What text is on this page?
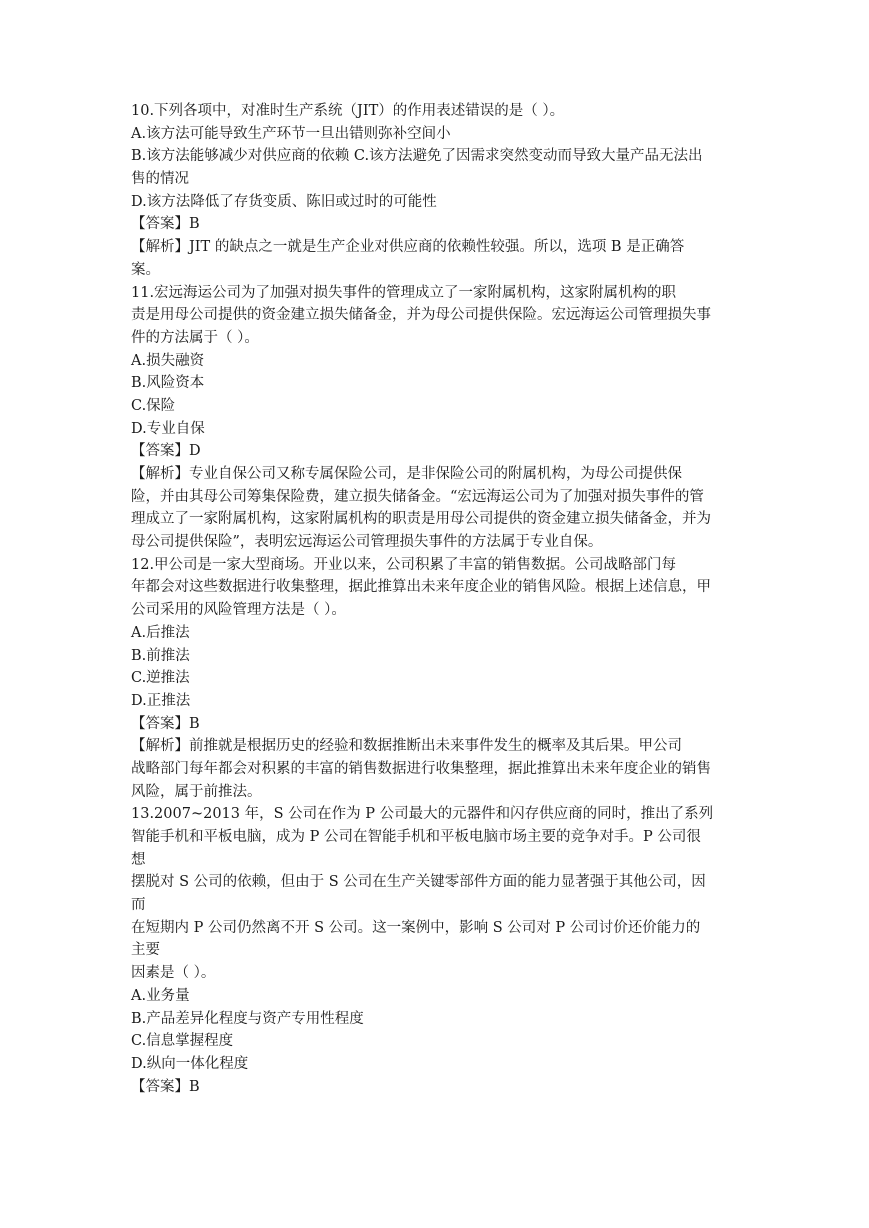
10.下列各项中，对准时生产系统（JIT）的作用表述错误的是（ ）。
A.该方法可能导致生产环节一旦出错则弥补空间小
B.该方法能够减少对供应商的依赖 C.该方法避免了因需求突然变动而导致大量产品无法出
售的情况
D.该方法降低了存货变质、陈旧或过时的可能性
【答案】B
【解析】JIT 的缺点之一就是生产企业对供应商的依赖性较强。所以，选项 B 是正确答
案。
11.宏远海运公司为了加强对损失事件的管理成立了一家附属机构，这家附属机构的职
责是用母公司提供的资金建立损失储备金，并为母公司提供保险。宏远海运公司管理损失事
件的方法属于（ ）。
A.损失融资
B.风险资本
C.保险
D.专业自保
【答案】D
【解析】专业自保公司又称专属保险公司，是非保险公司的附属机构，为母公司提供保
险，并由其母公司筹集保险费，建立损失储备金。“宏远海运公司为了加强对损失事件的管
理成立了一家附属机构，这家附属机构的职责是用母公司提供的资金建立损失储备金，并为
母公司提供保险”，表明宏远海运公司管理损失事件的方法属于专业自保。
12.甲公司是一家大型商场。开业以来，公司积累了丰富的销售数据。公司战略部门每
年都会对这些数据进行收集整理，据此推算出未来年度企业的销售风险。根据上述信息，甲
公司采用的风险管理方法是（ ）。
A.后推法
B.前推法
C.逆推法
D.正推法
【答案】B
【解析】前推就是根据历史的经验和数据推断出未来事件发生的概率及其后果。甲公司
战略部门每年都会对积累的丰富的销售数据进行收集整理，据此推算出未来年度企业的销售
风险，属于前推法。
13.2007~2013 年，S 公司在作为 P 公司最大的元器件和闪存供应商的同时，推出了系列
智能手机和平板电脑，成为 P 公司在智能手机和平板电脑市场主要的竞争对手。P 公司很
想
摆脱对 S 公司的依赖，但由于 S 公司在生产关键零部件方面的能力显著强于其他公司，因
而
在短期内 P 公司仍然离不开 S 公司。这一案例中，影响 S 公司对 P 公司讨价还价能力的
主要
因素是（ ）。
A.业务量
B.产品差异化程度与资产专用性程度
C.信息掌握程度
D.纵向一体化程度
【答案】B
